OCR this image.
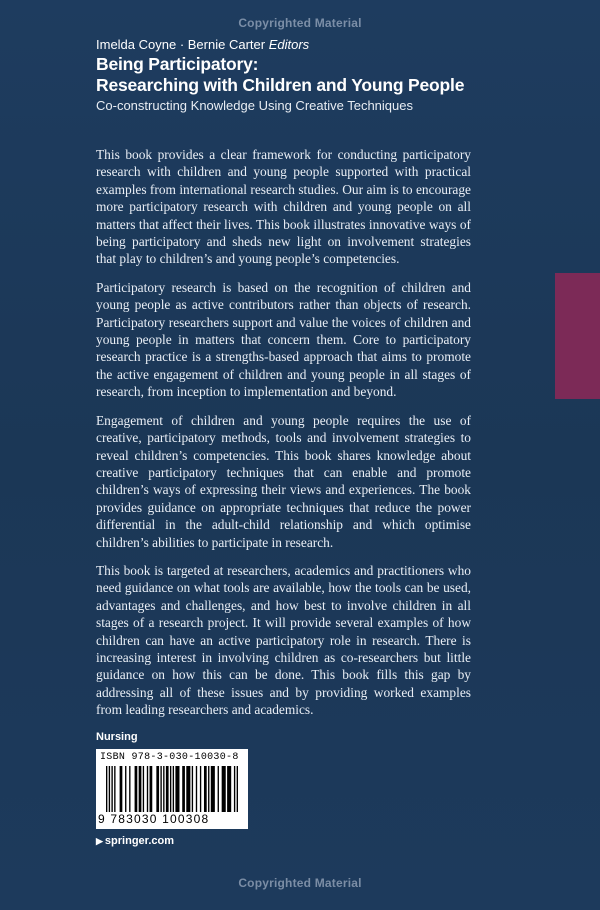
Copyrighted Material
Imelda Coyne · Bernie Carter Editors
Being Participatory:
Researching with Children and Young People
Co-constructing Knowledge Using Creative Techniques

This book provides a clear framework for conducting participatory research with children and young people supported with practical examples from international research studies. Our aim is to encourage more participatory research with children and young people on all matters that affect their lives. This book illustrates innovative ways of being participatory and sheds new light on involvement strategies that play to children’s and young people’s competencies.

Participatory research is based on the recognition of children and young people as active contributors rather than objects of research. Participatory researchers support and value the voices of children and young people in matters that concern them. Core to participatory research practice is a strengths-based approach that aims to promote the active engagement of children and young people in all stages of research, from inception to implementation and beyond.

Engagement of children and young people requires the use of creative, participatory methods, tools and involvement strategies to reveal children’s competencies. This book shares knowledge about creative participatory techniques that can enable and promote children’s ways of expressing their views and experiences. The book provides guidance on appropriate techniques that reduce the power differential in the adult-child relationship and which optimise children’s abilities to participate in research.

This book is targeted at researchers, academics and practitioners who need guidance on what tools are available, how the tools can be used, advantages and challenges, and how best to involve children in all stages of a research project. It will provide several examples of how children can have an active participatory role in research. There is increasing interest in involving children as co-researchers but little guidance on how this can be done. This book fills this gap by addressing all of these issues and by providing worked examples from leading researchers and academics.

Nursing
ISBN 978-3-030-10030-8
9 783030 100308
▶ springer.com
Copyrighted Material
